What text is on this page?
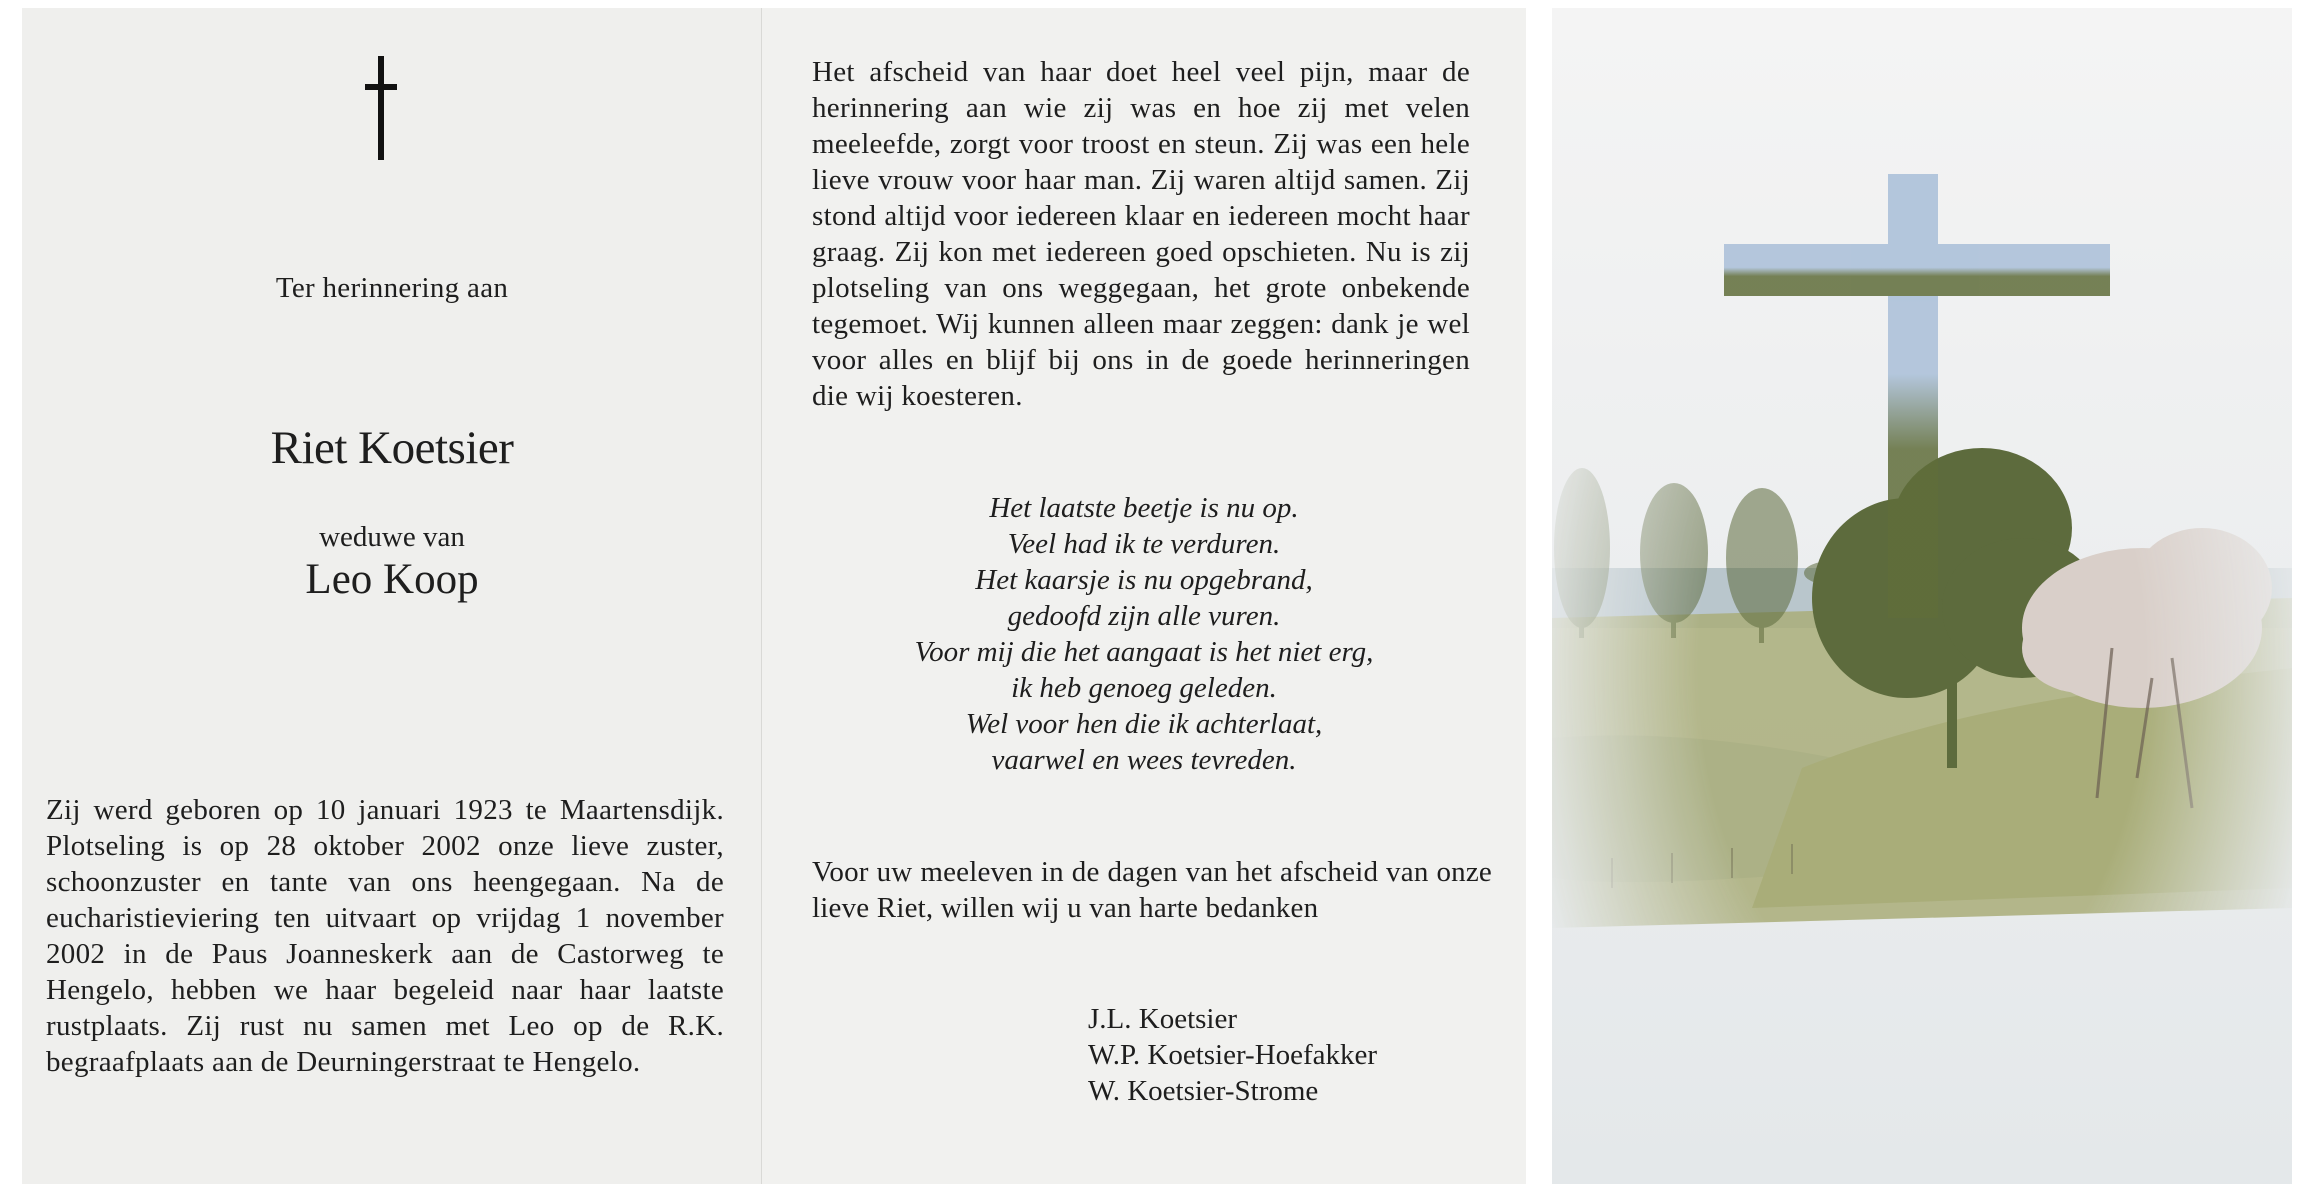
Ter herinnering aan
Riet Koetsier
weduwe van
Leo Koop

Zij werd geboren op 10 januari 1923 te Maartensdijk. Plotseling is op 28 oktober 2002 onze lieve zuster, schoonzuster en tante van ons heengegaan. Na de eucharistieviering ten uitvaart op vrijdag 1 november 2002 in de Paus Joanneskerk aan de Castorweg te Hengelo, hebben we haar begeleid naar haar laatste rustplaats. Zij rust nu samen met Leo op de R.K. begraafplaats aan de Deurningerstraat te Hengelo.

Het afscheid van haar doet heel veel pijn, maar de herinnering aan wie zij was en hoe zij met velen meeleefde, zorgt voor troost en steun. Zij was een hele lieve vrouw voor haar man. Zij waren altijd samen. Zij stond altijd voor iedereen klaar en iedereen mocht haar graag. Zij kon met iedereen goed opschieten. Nu is zij plotseling van ons weggegaan, het grote onbekende tegemoet. Wij kunnen alleen maar zeggen: dank je wel voor alles en blijf bij ons in de goede herinneringen die wij koesteren.

Het laatste beetje is nu op.
Veel had ik te verduren.
Het kaarsje is nu opgebrand,
gedoofd zijn alle vuren.
Voor mij die het aangaat is het niet erg,
ik heb genoeg geleden.
Wel voor hen die ik achterlaat,
vaarwel en wees tevreden.

Voor uw meeleven in de dagen van het afscheid van onze lieve Riet, willen wij u van harte bedanken

J.L. Koetsier
W.P. Koetsier-Hoefakker
W. Koetsier-Strome
